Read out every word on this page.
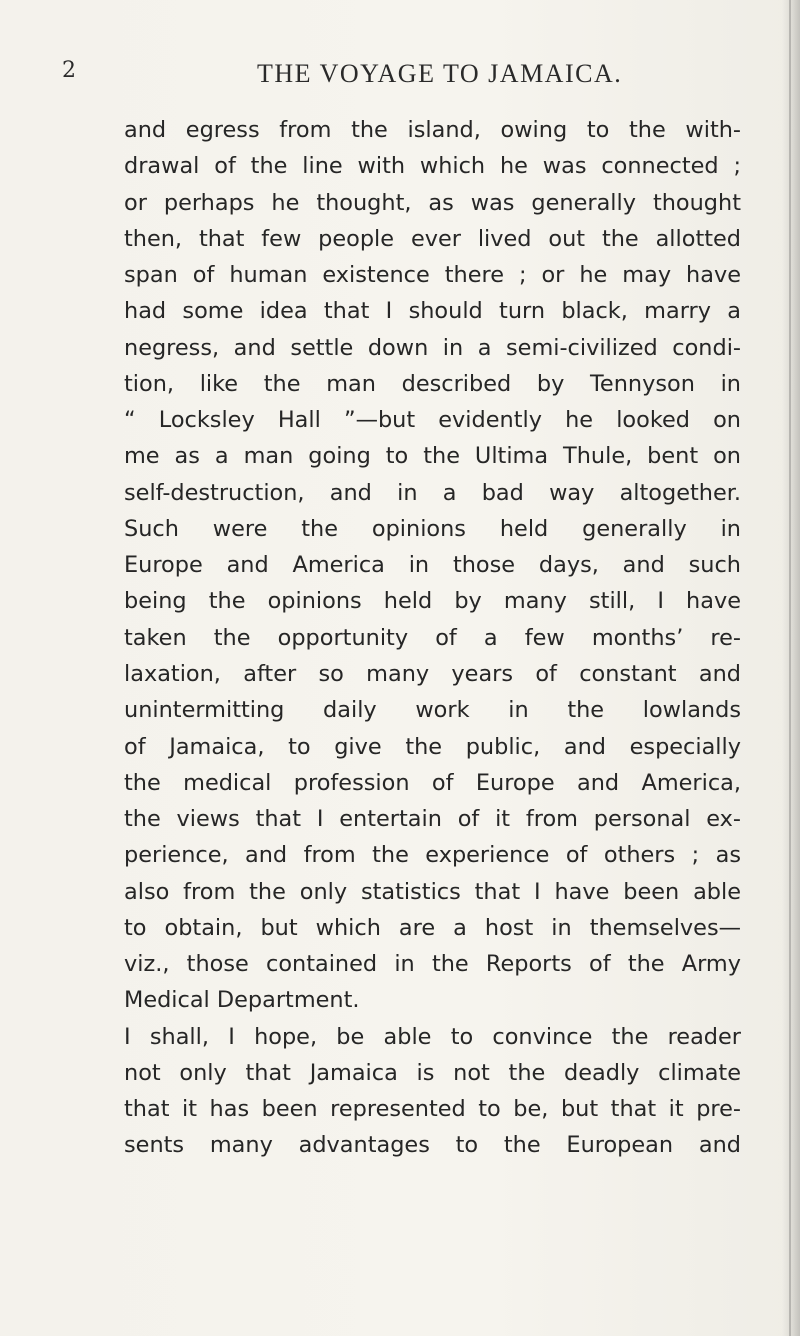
2	THE VOYAGE TO JAMAICA.
and egress from the island, owing to the with-
drawal of the line with which he was connected ;
or perhaps he thought, as was generally thought
then, that few people ever lived out the allotted
span of human existence there ; or he may have
had some idea that I should turn black, marry a
negress, and settle down in a semi-civilized condi-
tion, like the man described by Tennyson in
“ Locksley Hall ”—but evidently he looked on
me as a man going to the Ultima Thule, bent on
self-destruction, and in a bad way altogether.
Such were the opinions held generally in
Europe and America in those days, and such
being the opinions held by many still, I have
taken the opportunity of a few months’ re-
laxation, after so many years of constant and
unintermitting daily work in the lowlands
of Jamaica, to give the public, and especially
the medical profession of Europe and America,
the views that I entertain of it from personal ex-
perience, and from the experience of others ; as
also from the only statistics that I have been able
to obtain, but which are a host in themselves—
viz., those contained in the Reports of the Army
Medical Department.
I shall, I hope, be able to convince the reader
not only that Jamaica is not the deadly climate
that it has been represented to be, but that it pre-
sents many advantages to the European and
